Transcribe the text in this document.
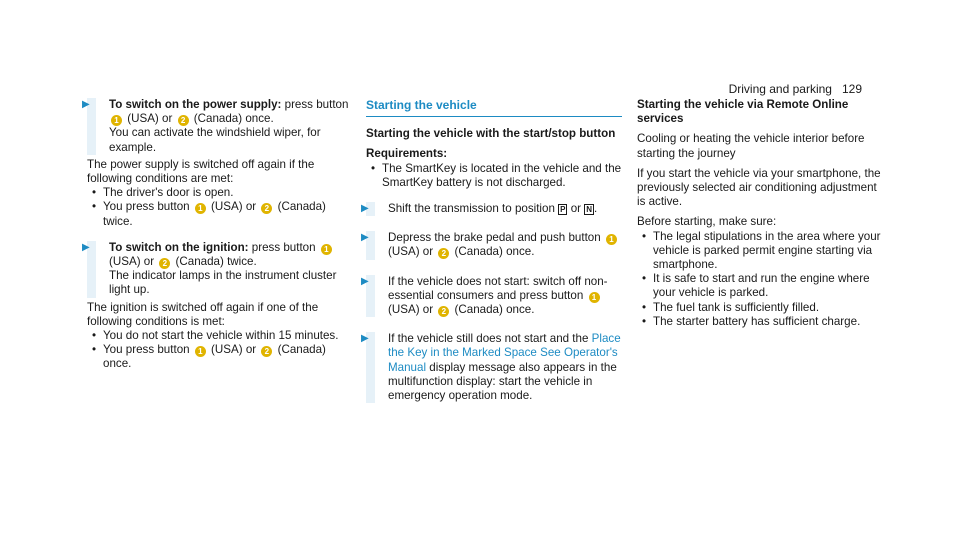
Driving and parking 129
▶	To switch on the power supply: press button 1 (USA) or 2 (Canada) once.
You can activate the windshield wiper, for example.
The power supply is switched off again if the following conditions are met:
• The driver's door is open.
• You press button 1 (USA) or 2 (Canada) twice.
▶	To switch on the ignition: press button 1 (USA) or 2 (Canada) twice.
The indicator lamps in the instrument cluster light up.
The ignition is switched off again if one of the following conditions is met:
• You do not start the vehicle within 15 minutes.
• You press button 1 (USA) or 2 (Canada) once.
Starting the vehicle
Starting the vehicle with the start/stop button
Requirements:
• The SmartKey is located in the vehicle and the SmartKey battery is not discharged.
▶	Shift the transmission to position P or N .
▶	Depress the brake pedal and push button 1 (USA) or 2 (Canada) once.
▶	If the vehicle does not start: switch off non-essential consumers and press button 1 (USA) or 2 (Canada) once.
▶	If the vehicle still does not start and the Place the Key in the Marked Space See Operator's Manual display message also appears in the multifunction display: start the vehicle in emergency operation mode.
Starting the vehicle via Remote Online services
Cooling or heating the vehicle interior before starting the journey
If you start the vehicle via your smartphone, the previously selected air conditioning adjustment is active.
Before starting, make sure:
• The legal stipulations in the area where your vehicle is parked permit engine starting via smartphone.
• It is safe to start and run the engine where your vehicle is parked.
• The fuel tank is sufficiently filled.
• The starter battery has sufficient charge.
